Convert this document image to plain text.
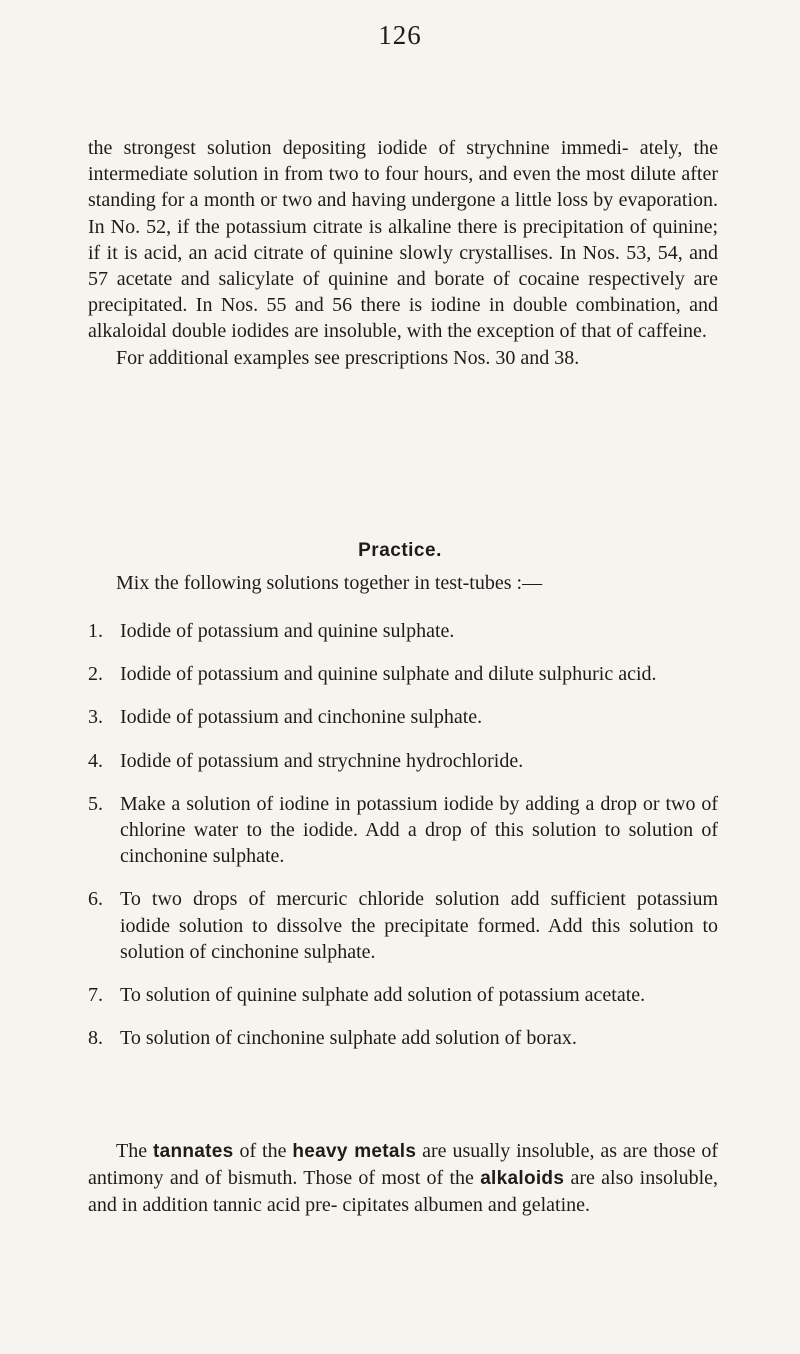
126

the strongest solution depositing iodide of strychnine immedi- ately, the intermediate solution in from two to four hours, and even the most dilute after standing for a month or two and having undergone a little loss by evaporation. In No. 52, if the potassium citrate is alkaline there is precipitation of quinine; if it is acid, an acid citrate of quinine slowly crystallises. In Nos. 53, 54, and 57 acetate and salicylate of quinine and borate of cocaine respectively are precipitated. In Nos. 55 and 56 there is iodine in double combination, and alkaloidal double iodides are insoluble, with the exception of that of caffeine.

For additional examples see prescriptions Nos. 30 and 38.

Practice.

Mix the following solutions together in test-tubes :—

1. Iodide of potassium and quinine sulphate.
2. Iodide of potassium and quinine sulphate and dilute sulphuric acid.
3. Iodide of potassium and cinchonine sulphate.
4. Iodide of potassium and strychnine hydrochloride.
5. Make a solution of iodine in potassium iodide by adding a drop or two of chlorine water to the iodide. Add a drop of this solution to solution of cinchonine sulphate.
6. To two drops of mercuric chloride solution add sufficient potassium iodide solution to dissolve the precipitate formed. Add this solution to solution of cinchonine sulphate.
7. To solution of quinine sulphate add solution of potassium acetate.
8. To solution of cinchonine sulphate add solution of borax.

The tannates of the heavy metals are usually insoluble, as are those of antimony and of bismuth. Those of most of the alkaloids are also insoluble, and in addition tannic acid pre- cipitates albumen and gelatine.
